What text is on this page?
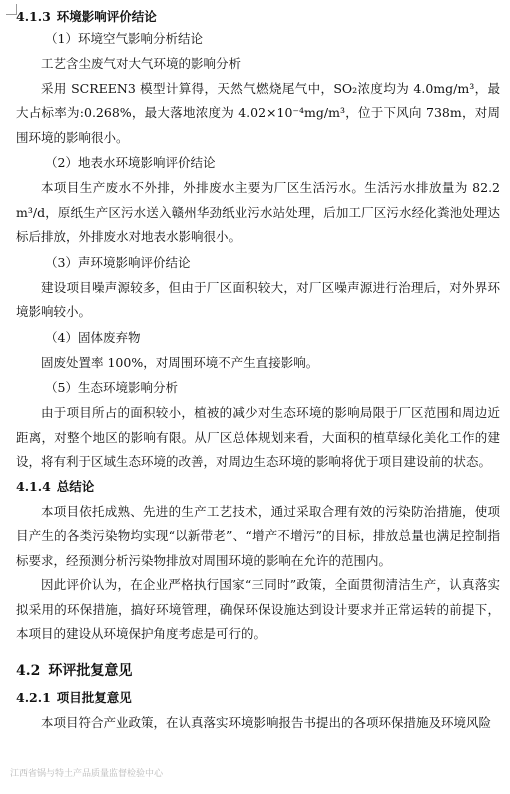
4.1.3 环境影响评价结论
（1）环境空气影响分析结论

工艺含尘废气对大气环境的影响分析

采用 SCREEN3 模型计算得，天然气燃烧尾气中，SO₂浓度均为 4.0mg/m³，最大占标率为:0.268%，最大落地浓度为 4.02×10⁻⁴mg/m³，位于下风向 738m，对周围环境的影响很小。

（2）地表水环境影响评价结论

本项目生产废水不外排，外排废水主要为厂区生活污水。生活污水排放量为 82.2 m³/d，原纸生产区污水送入赣州华劲纸业污水站处理，后加工厂区污水经化粪池处理达标后排放，外排废水对地表水影响很小。

（3）声环境影响评价结论

建设项目噪声源较多，但由于厂区面积较大，对厂区噪声源进行治理后，对外界环境影响较小。

（4）固体废弃物

固废处置率 100%，对周围环境不产生直接影响。

（5）生态环境影响分析

由于项目所占的面积较小，植被的减少对生态环境的影响局限于厂区范围和周边近距离，对整个地区的影响有限。从厂区总体规划来看，大面积的植草绿化美化工作的建设，将有利于区域生态环境的改善，对周边生态环境的影响将优于项目建设前的状态。

4.1.4 总结论

本项目依托成熟、先进的生产工艺技术，通过采取合理有效的污染防治措施，使项目产生的各类污染物均实现“以新带老”、“增产不增污”的目标，排放总量也满足控制指标要求，经预测分析污染物排放对周围环境的影响在允许的范围内。

因此评价认为，在企业严格执行国家“三同时”政策，全面贯彻清洁生产，认真落实拟采用的环保措施，搞好环境管理，确保环保设施达到设计要求并正常运转的前提下，本项目的建设从环境保护角度考虑是可行的。

4.2 环评批复意见
4.2.1 项目批复意见

本项目符合产业政策，在认真落实环境影响报告书提出的各项环保措施及环境风险

江西省锅与特土产品质量监督检验中心
